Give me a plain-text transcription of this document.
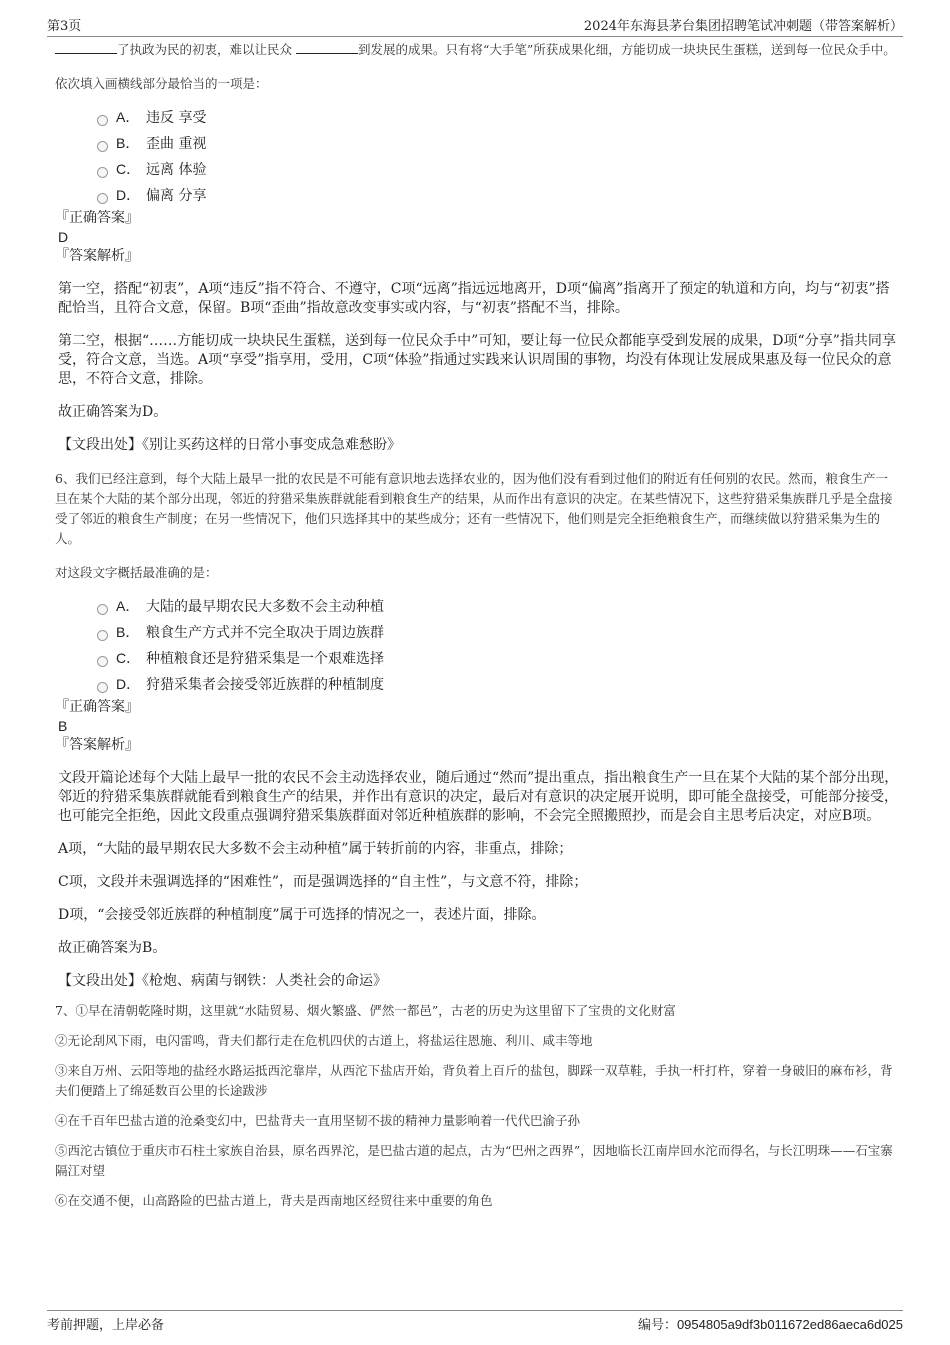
第3页	2024年东海县茅台集团招聘笔试冲刺题（带答案解析）

了执政为民的初衷，难以让民众	到发展的成果。只有将“大手笔”所获成果化细，方能切成一块块民生蛋糕，送到每一位民众手中。

依次填入画横线部分最恰当的一项是：

A． 违反 享受
B． 歪曲 重视
C． 远离 体验
D． 偏离 分享

『正确答案』

D

『答案解析』

第一空，搭配“初衷”，A项“违反”指不符合、不遵守，C项“远离”指远远地离开，D项“偏离”指离开了预定的轨道和方向，均与“初衷”搭配恰当，且符合文意，保留。B项“歪曲”指故意改变事实或内容，与“初衷”搭配不当，排除。

第二空，根据“……方能切成一块块民生蛋糕，送到每一位民众手中”可知，要让每一位民众都能享受到发展的成果，D项“分享”指共同享受，符合文意，当选。A项“享受”指享用，受用，C项“体验”指通过实践来认识周围的事物，均没有体现让发展成果惠及每一位民众的意思，不符合文意，排除。

故正确答案为D。

【文段出处】《别让买药这样的日常小事变成急难愁盼》

6、我们已经注意到，每个大陆上最早一批的农民是不可能有意识地去选择农业的，因为他们没有看到过他们的附近有任何别的农民。然而，粮食生产一旦在某个大陆的某个部分出现，邻近的狩猎采集族群就能看到粮食生产的结果，从而作出有意识的决定。在某些情况下，这些狩猎采集族群几乎是全盘接受了邻近的粮食生产制度；在另一些情况下，他们只选择其中的某些成分；还有一些情况下，他们则是完全拒绝粮食生产，而继续做以狩猎采集为生的人。

对这段文字概括最准确的是：

A． 大陆的最早期农民大多数不会主动种植
B． 粮食生产方式并不完全取决于周边族群
C． 种植粮食还是狩猎采集是一个艰难选择
D． 狩猎采集者会接受邻近族群的种植制度

『正确答案』

B

『答案解析』

文段开篇论述每个大陆上最早一批的农民不会主动选择农业，随后通过“然而”提出重点，指出粮食生产一旦在某个大陆的某个部分出现，邻近的狩猎采集族群就能看到粮食生产的结果，并作出有意识的决定，最后对有意识的决定展开说明，即可能全盘接受，可能部分接受，也可能完全拒绝，因此文段重点强调狩猎采集族群面对邻近种植族群的影响，不会完全照搬照抄，而是会自主思考后决定，对应B项。

A项，“大陆的最早期农民大多数不会主动种植”属于转折前的内容，非重点，排除；

C项，文段并未强调选择的“困难性”，而是强调选择的“自主性”，与文意不符，排除；

D项，“会接受邻近族群的种植制度”属于可选择的情况之一，表述片面，排除。

故正确答案为B。

【文段出处】《枪炮、病菌与钢铁：人类社会的命运》

7、①早在清朝乾隆时期，这里就“水陆贸易、烟火繁盛、俨然一都邑”，古老的历史为这里留下了宝贵的文化财富

②无论刮风下雨，电闪雷鸣，背夫们都行走在危机四伏的古道上，将盐运往恩施、利川、咸丰等地

③来自万州、云阳等地的盐经水路运抵西沱靠岸，从西沱下盐店开始，背负着上百斤的盐包，脚踩一双草鞋，手执一杆打杵，穿着一身破旧的麻布衫，背夫们便踏上了绵延数百公里的长途跋涉

④在千百年巴盐古道的沧桑变幻中，巴盐背夫一直用坚韧不拔的精神力量影响着一代代巴渝子孙

⑤西沱古镇位于重庆市石柱土家族自治县，原名西界沱，是巴盐古道的起点，古为“巴州之西界”，因地临长江南岸回水沱而得名，与长江明珠——石宝寨隔江对望

⑥在交通不便，山高路险的巴盐古道上，背夫是西南地区经贸往来中重要的角色

考前押题，上岸必备	编号：0954805a9df3b011672ed86aeca6d025
